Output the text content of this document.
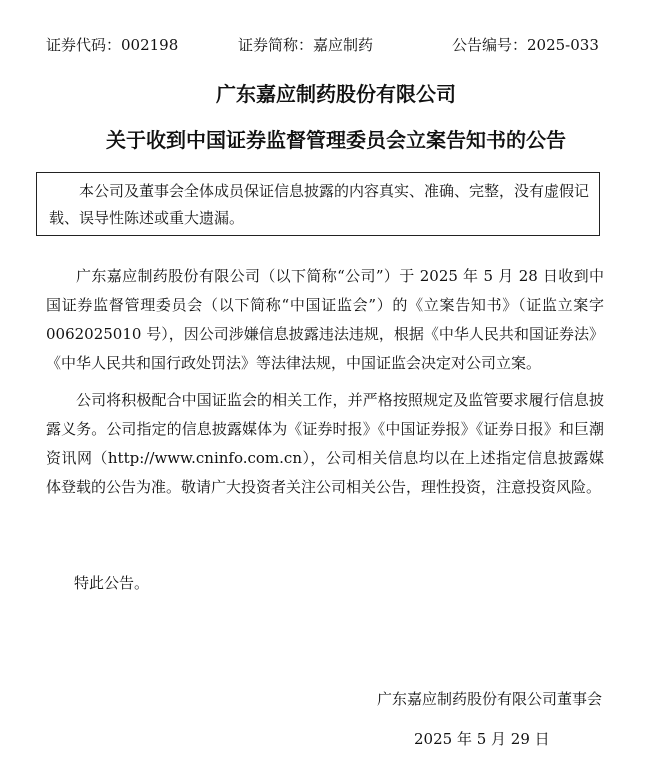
证券代码：002198	证券简称：嘉应制药	公告编号：2025-033
广东嘉应制药股份有限公司
关于收到中国证券监督管理委员会立案告知书的公告

本公司及董事会全体成员保证信息披露的内容真实、准确、完整，没有虚假记载、误导性陈述或重大遗漏。

广东嘉应制药股份有限公司（以下简称“公司”）于 2025 年 5 月 28 日收到中国证券监督管理委员会（以下简称“中国证监会”）的《立案告知书》（证监立案字 0062025010 号），因公司涉嫌信息披露违法违规，根据《中华人民共和国证券法》《中华人民共和国行政处罚法》等法律法规，中国证监会决定对公司立案。

公司将积极配合中国证监会的相关工作，并严格按照规定及监管要求履行信息披露义务。公司指定的信息披露媒体为《证券时报》《中国证券报》《证券日报》和巨潮资讯网（http://www.cninfo.com.cn），公司相关信息均以在上述指定信息披露媒体登载的公告为准。敬请广大投资者关注公司相关公告，理性投资，注意投资风险。

特此公告。
广东嘉应制药股份有限公司董事会
2025 年 5 月 29 日
